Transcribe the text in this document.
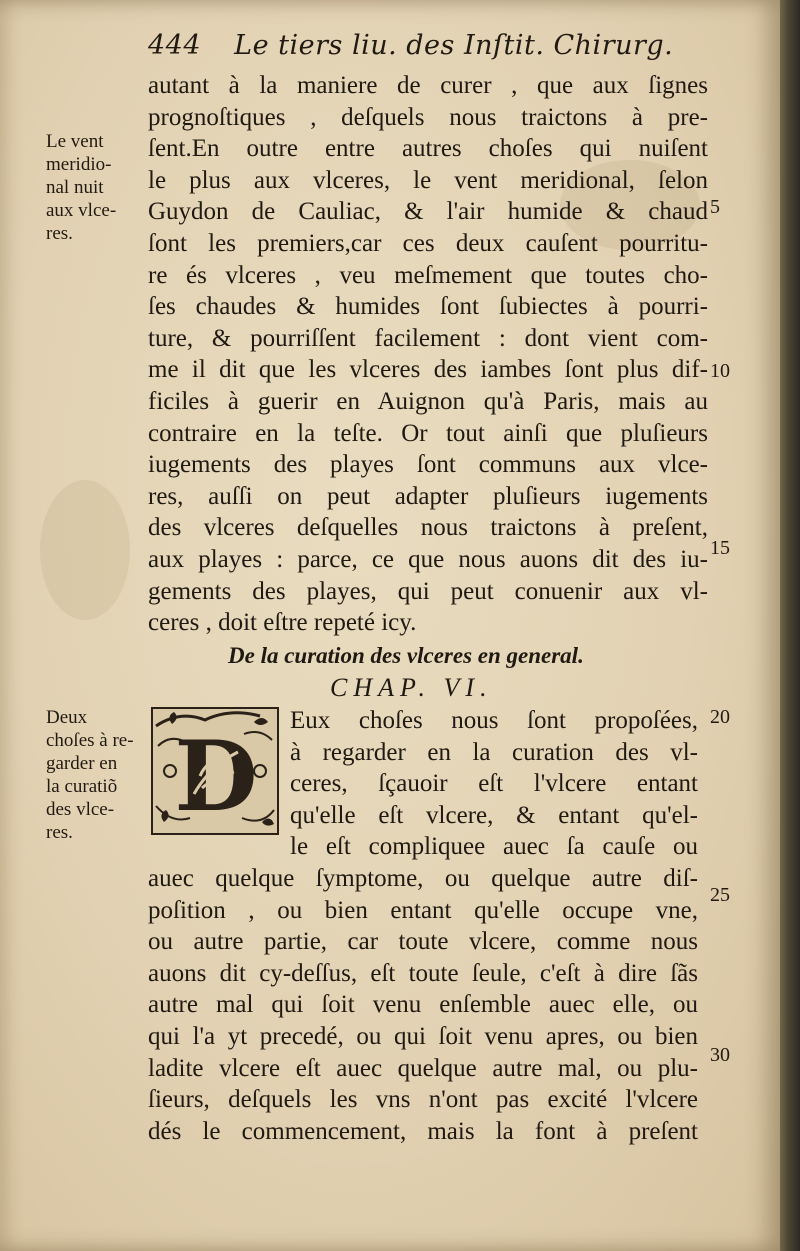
444 Le tiers liu. des Inſtit. Chirurg.
autant à la maniere de curer , que aux ſignes
prognoſtiques , deſquels nous traictons à pre-
ſent.En outre entre autres choſes qui nuiſent
le plus aux vlceres, le vent meridional, ſelon
Guydon de Cauliac, & l'air humide & chaud
ſont les premiers,car ces deux cauſent pourritu-
re és vlceres , veu meſmement que toutes cho-
ſes chaudes & humides ſont ſubiectes à pourri-
ture, & pourriſſent facilement : dont vient com-
me il dit que les vlceres des iambes ſont plus dif-
ficiles à guerir en Auignon qu'à Paris, mais au
contraire en la teſte. Or tout ainſi que pluſieurs
iugements des playes ſont communs aux vlce-
res, auſſi on peut adapter pluſieurs iugements
des vlceres deſquelles nous traictons à preſent,
aux playes : parce, ce que nous auons dit des iu-
gements des playes, qui peut conuenir aux vl-
ceres , doit eſtre repeté icy.
De la curation des vlceres en general.
CHAP. VI.
D Eux choſes nous ſont propoſées,
à regarder en la curation des vl-
ceres, ſçauoir eſt l'vlcere entant
qu'elle eſt vlcere, & entant qu'el-
le eſt compliquee auec ſa cauſe ou
auec quelque ſymptome, ou quelque autre diſ-
poſition , ou bien entant qu'elle occupe vne,
ou autre partie, car toute vlcere, comme nous
auons dit cy-deſſus, eſt toute ſeule, c'eſt à dire ſãs
autre mal qui ſoit venu enſemble auec elle, ou
qui l'a yt precedé, ou qui ſoit venu apres, ou bien
ladite vlcere eſt auec quelque autre mal, ou plu-
ſieurs, deſquels les vns n'ont pas excité l'vlcere
dés le commencement, mais la font à preſent
Le vent
meridio-
nal nuit
aux vlce-
res.
Deux
choſes à re-
garder en
la curatiõ
des vlce-
res.
5
10
15
20
25
30
